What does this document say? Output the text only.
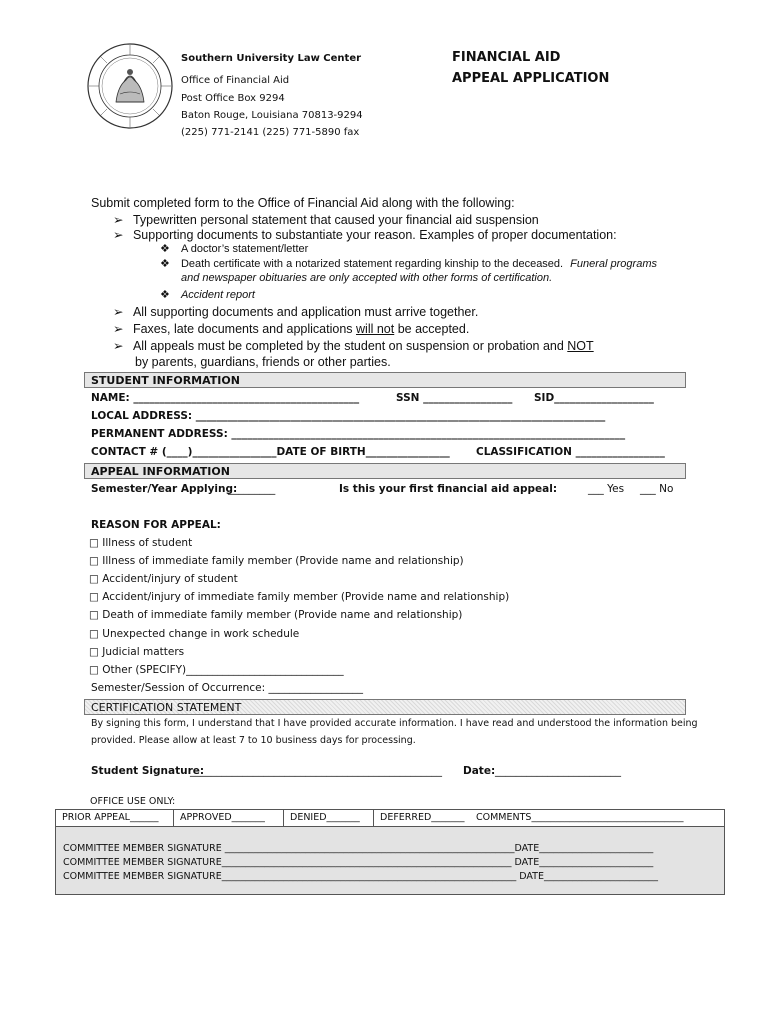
Southern University Law Center
Office of Financial Aid
Post Office Box 9294
Baton Rouge, Louisiana 70813-9294
(225) 771-2141 (225) 771-5890 fax
FINANCIAL AID
APPEAL APPLICATION
Submit completed form to the Office of Financial Aid along with the following:
➢ Typewritten personal statement that caused your financial aid suspension
➢ Supporting documents to substantiate your reason. Examples of proper documentation:
❖ A doctor’s statement/letter
❖ Death certificate with a notarized statement regarding kinship to the deceased. Funeral programs
and newspaper obituaries are only accepted with other forms of certification.
❖ Accident report
➢ All supporting documents and application must arrive together.
➢ Faxes, late documents and applications will not be accepted.
➢ All appeals must be completed by the student on suspension or probation and NOT
by parents, guardians, friends or other parties.
STUDENT INFORMATION
NAME: ___________________________________________	SSN _________________ SID___________________
LOCAL ADDRESS: ______________________________________________________________________________
PERMANENT ADDRESS: ___________________________________________________________________________
CONTACT # (____)________________DATE OF BIRTH________________	CLASSIFICATION _________________
APPEAL INFORMATION
Semester/Year Applying:
_________	Is this your first financial aid appeal:	___ Yes ___ No
REASON FOR APPEAL:
□ Illness of student
□ Illness of immediate family member (Provide name and relationship)
□ Accident/injury of student
□ Accident/injury of immediate family member (Provide name and relationship)
□ Death of immediate family member (Provide name and relationship)
□ Unexpected change in work schedule
□ Judicial matters
□ Other (SPECIFY)______________________________
Semester/Session of Occurrence: __________________
CERTIFICATION STATEMENT
By signing this form, I understand that I have provided accurate information. I have read and understood the information being
provided. Please allow at least 7 to 10 business days for processing.
Student Signature:
________________________________________________ Date: ________________________
OFFICE USE ONLY:
PRIOR APPEAL______ APPROVED_______	DENIED_______ DEFERRED_______ COMMENTS________________________________
COMMITTEE MEMBER SIGNATURE _____________________________________________________________DATE________________________
COMMITTEE MEMBER SIGNATURE_____________________________________________________________ DATE________________________
COMMITTEE MEMBER SIGNATURE______________________________________________________________ DATE________________________
